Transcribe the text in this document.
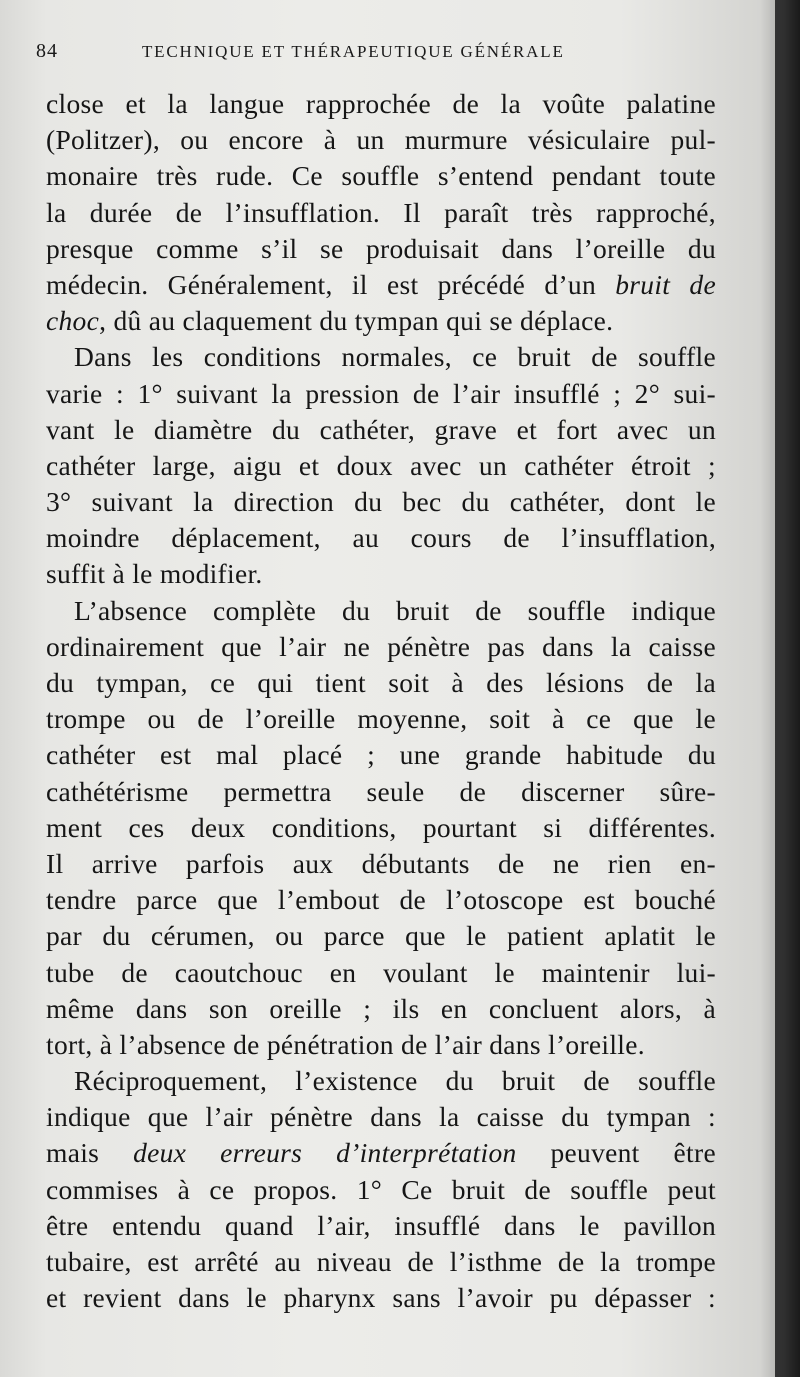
84	TECHNIQUE ET THÉRAPEUTIQUE GÉNÉRALE
close et la langue rapprochée de la voûte palatine
(Politzer), ou encore à un murmure vésiculaire pul-
monaire très rude. Ce souffle s’entend pendant toute
la durée de l’insufflation. Il paraît très rapproché,
presque comme s’il se produisait dans l’oreille du
médecin. Généralement, il est précédé d’un bruit de
choc, dû au claquement du tympan qui se déplace.
Dans les conditions normales, ce bruit de souffle
varie : 1° suivant la pression de l’air insufflé ; 2° sui-
vant le diamètre du cathéter, grave et fort avec un
cathéter large, aigu et doux avec un cathéter étroit ;
3° suivant la direction du bec du cathéter, dont le
moindre déplacement, au cours de l’insufflation,
suffit à le modifier.
L’absence complète du bruit de souffle indique
ordinairement que l’air ne pénètre pas dans la caisse
du tympan, ce qui tient soit à des lésions de la
trompe ou de l’oreille moyenne, soit à ce que le
cathéter est mal placé ; une grande habitude du
cathétérisme permettra seule de discerner sûre-
ment ces deux conditions, pourtant si différentes.
Il arrive parfois aux débutants de ne rien en-
tendre parce que l’embout de l’otoscope est bouché
par du cérumen, ou parce que le patient aplatit le
tube de caoutchouc en voulant le maintenir lui-
même dans son oreille ; ils en concluent alors, à
tort, à l’absence de pénétration de l’air dans l’oreille.
Réciproquement, l’existence du bruit de souffle
indique que l’air pénètre dans la caisse du tympan :
mais deux erreurs d’interprétation peuvent être
commises à ce propos. 1° Ce bruit de souffle peut
être entendu quand l’air, insufflé dans le pavillon
tubaire, est arrêté au niveau de l’isthme de la trompe
et revient dans le pharynx sans l’avoir pu dépasser :
